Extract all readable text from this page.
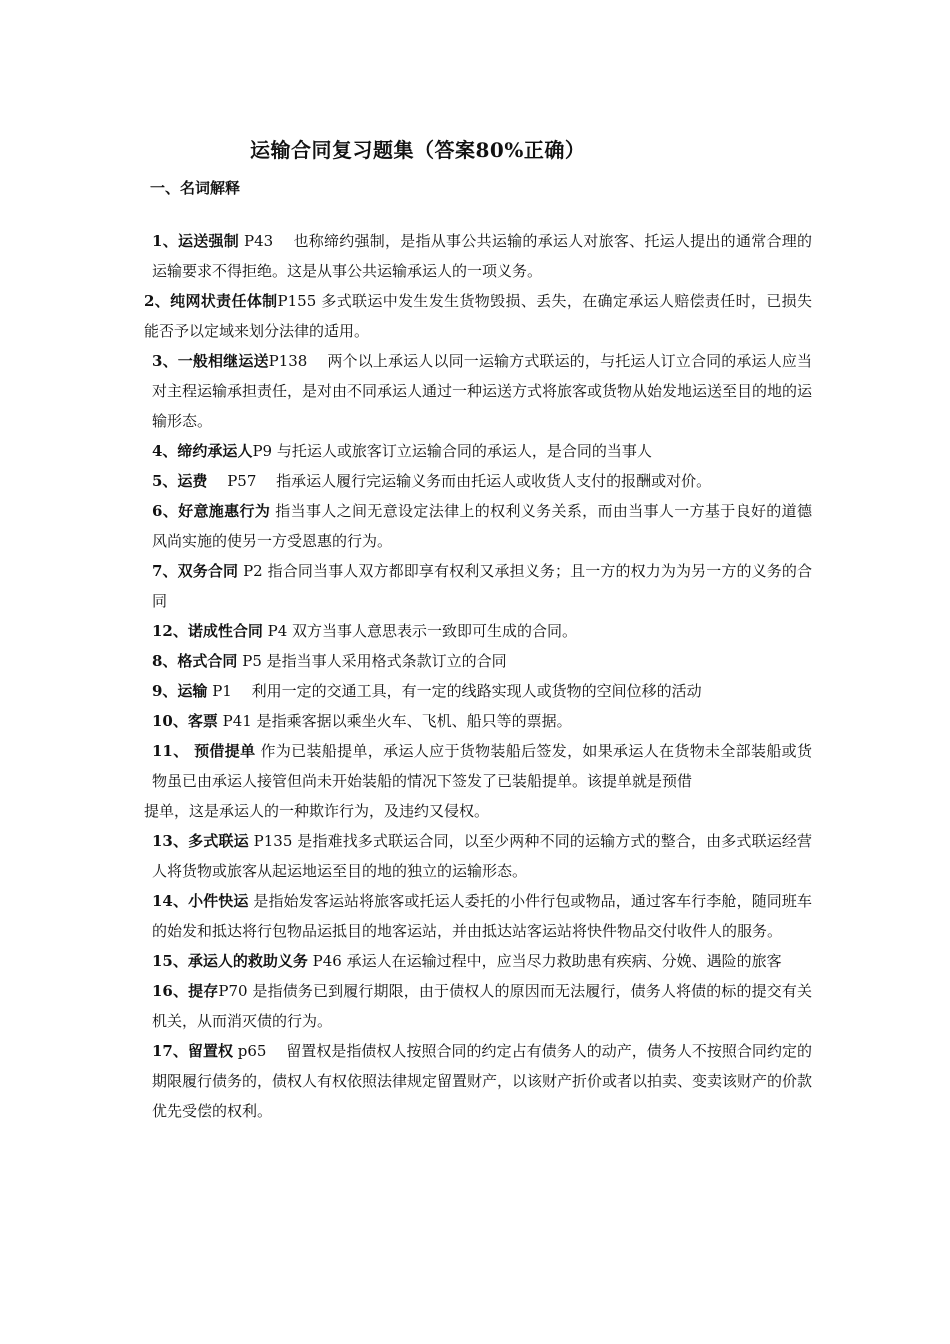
运输合同复习题集（答案80%正确）
一、名词解释

1、运送强制 P43 　也称缔约强制，是指从事公共运输的承运人对旅客、托运人提出的通常合理的运输要求不得拒绝。这是从事公共运输承运人的一项义务。

2、纯网状责任体制P155 多式联运中发生发生货物毁损、丢失，在确定承运人赔偿责任时，已损失能否予以定域来划分法律的适用。

3、一般相继运送P138 　两个以上承运人以同一运输方式联运的，与托运人订立合同的承运人应当对主程运输承担责任，是对由不同承运人通过一种运送方式将旅客或货物从始发地运送至目的地的运输形态。

4、缔约承运人P9 与托运人或旅客订立运输合同的承运人，是合同的当事人

5、运费 　P57 　指承运人履行完运输义务而由托运人或收货人支付的报酬或对价。

6、好意施惠行为 指当事人之间无意设定法律上的权利义务关系，而由当事人一方基于良好的道德风尚实施的使另一方受恩惠的行为。

7、双务合同 P2 指合同当事人双方都即享有权利又承担义务；且一方的权力为为另一方的义务的合同

12、诺成性合同 P4 双方当事人意思表示一致即可生成的合同。

8、格式合同 P5 是指当事人采用格式条款订立的合同

9、运输 P1 　利用一定的交通工具，有一定的线路实现人或货物的空间位移的活动

10、客票 P41 是指乘客据以乘坐火车、飞机、船只等的票据。

11、 预借提单 作为已装船提单，承运人应于货物装船后签发，如果承运人在货物未全部装船或货物虽已由承运人接管但尚未开始装船的情况下签发了已装船提单。该提单就是预借

提单，这是承运人的一种欺诈行为，及违约又侵权。

13、多式联运 P135 是指难找多式联运合同，以至少两种不同的运输方式的整合，由多式联运经营人将货物或旅客从起运地运至目的地的独立的运输形态。

14、小件快运 是指始发客运站将旅客或托运人委托的小件行包或物品，通过客车行李舱，随同班车的始发和抵达将行包物品运抵目的地客运站，并由抵达站客运站将快件物品交付收件人的服务。

15、承运人的救助义务 P46 承运人在运输过程中，应当尽力救助患有疾病、分娩、遇险的旅客

16、提存P70 是指债务已到履行期限，由于债权人的原因而无法履行，债务人将债的标的提交有关机关，从而消灭债的行为。

17、留置权 p65 　留置权是指债权人按照合同的约定占有债务人的动产，债务人不按照合同约定的期限履行债务的，债权人有权依照法律规定留置财产，以该财产折价或者以拍卖、变卖该财产的价款优先受偿的权利。
